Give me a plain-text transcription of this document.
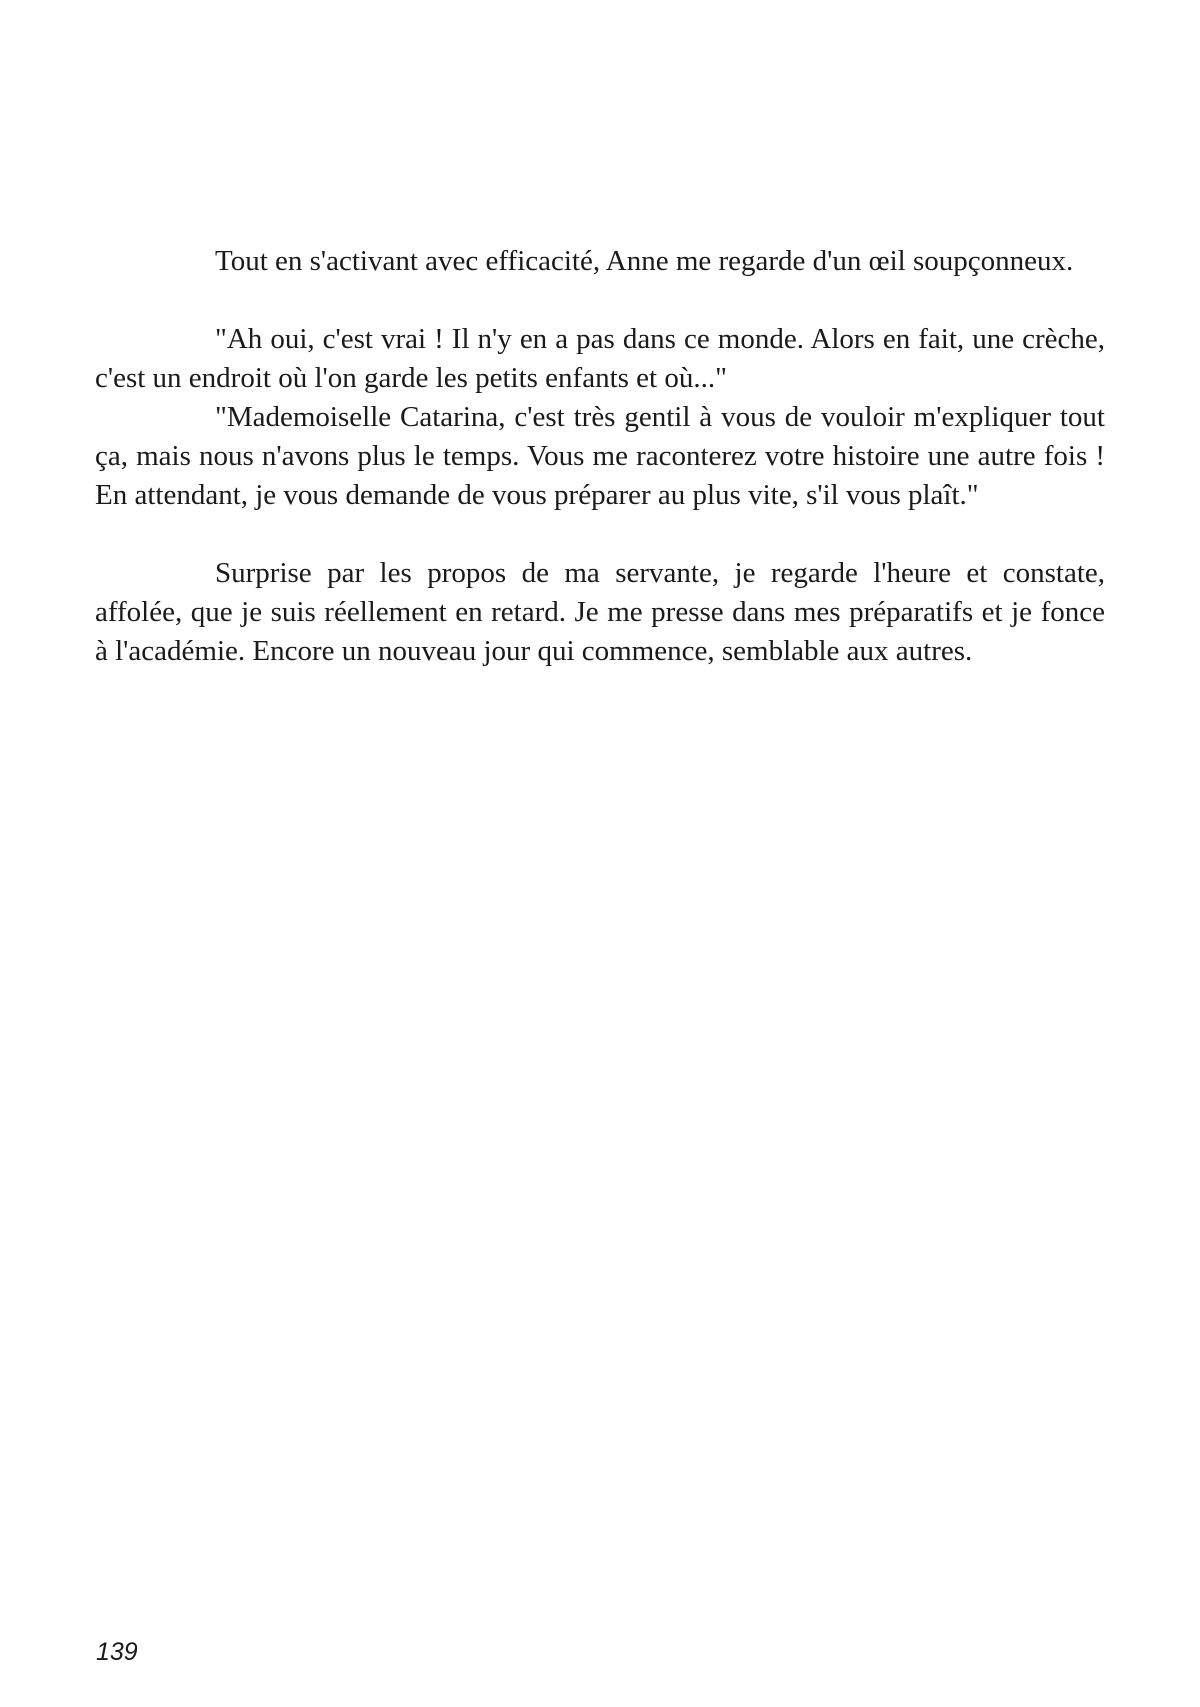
Tout en s'activant avec efficacité, Anne me regarde d'un œil soupçonneux.

"Ah oui, c'est vrai ! Il n'y en a pas dans ce monde. Alors en fait, une crèche, c'est un endroit où l'on garde les petits enfants et où..."

"Mademoiselle Catarina, c'est très gentil à vous de vouloir m'expliquer tout ça, mais nous n'avons plus le temps. Vous me raconterez votre histoire une autre fois ! En attendant, je vous demande de vous préparer au plus vite, s'il vous plaît."

Surprise par les propos de ma servante, je regarde l'heure et constate, affolée, que je suis réellement en retard. Je me presse dans mes préparatifs et je fonce à l'académie. Encore un nouveau jour qui commence, semblable aux autres.

139
